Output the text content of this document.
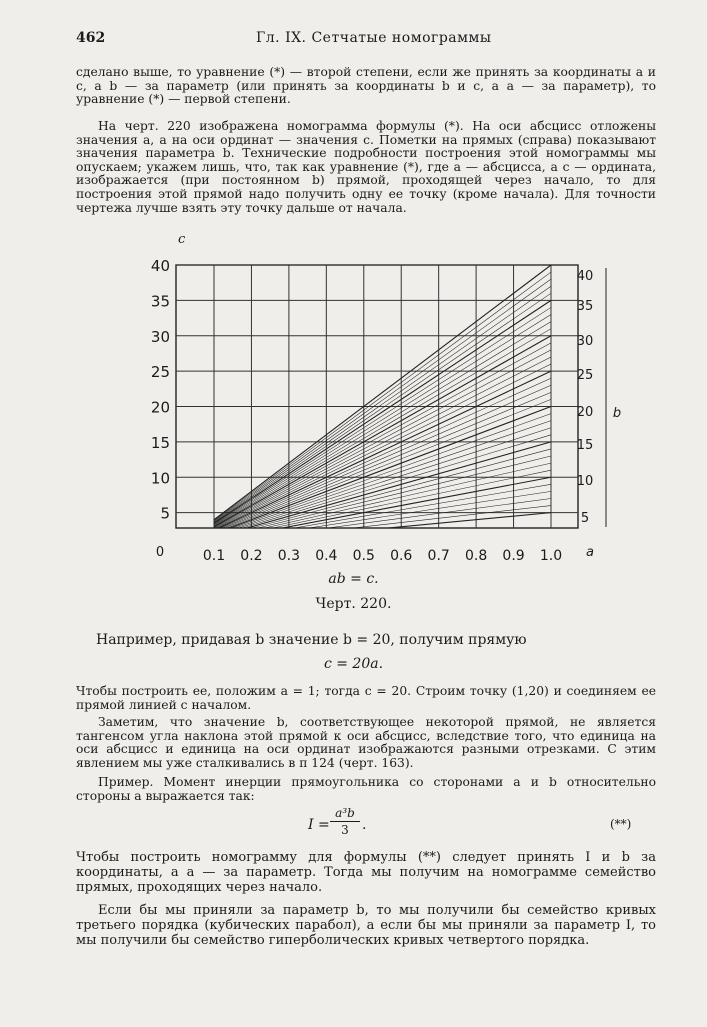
462	Гл. IX. Сетчатые номограммы
сделано выше, то уравнение (*) — второй степени, если же принять за координаты a и c, а b — за параметр (или принять за координаты b и c, а a — за параметр), то уравнение (*) — первой степени.
На черт. 220 изображена номограмма формулы (*). На оси абсцисс отложены значения a, а на оси ординат — значения c. Пометки на прямых (справа) показывают значения параметра b. Технические подробности построения этой номограммы мы опускаем; укажем лишь, что, так как уравнение (*), где a — абсцисса, а c — ордината, изображается (при постоянном b) прямой, проходящей через начало, то для построения этой прямой надо получить одну ее точку (кроме начала). Для точности чертежа лучше взять эту точку дальше от начала.
c
5
10
15
20
25
30
35
40
0	0.1 0.2 0.3 0.4 0.5 0.6 0.7 0.8 0.9 1.0 a
5
10
15
20
25
30
35
40
b
ab = c.
Черт. 220.
Например, придавая b значение b = 20, получим прямую
c = 20a.
Чтобы построить ее, положим a = 1; тогда c = 20. Строим точку (1,20) и соединяем ее прямой линией с началом.
Заметим, что значение b, соответствующее некоторой прямой, не является тангенсом угла наклона этой прямой к оси абсцисс, вследствие того, что единица на оси абсцисс и единица на оси ординат изображаются разными отрезками. С этим явлением мы уже сталкивались в п 124 (черт. 163).
Пример. Момент инерции прямоугольника со сторонами a и b относительно стороны a выражается так:
$I = \frac{\text{a³b}}{3}$ .	(**)
Чтобы построить номограмму для формулы (**) следует принять I и b за координаты, а a — за параметр. Тогда мы получим на номограмме семейство прямых, проходящих через начало.
Если бы мы приняли за параметр b, то мы получили бы семейство кривых третьего порядка (кубических парабол), а если бы мы приняли за параметр I, то мы получили бы семейство гиперболических кривых четвертого порядка.
